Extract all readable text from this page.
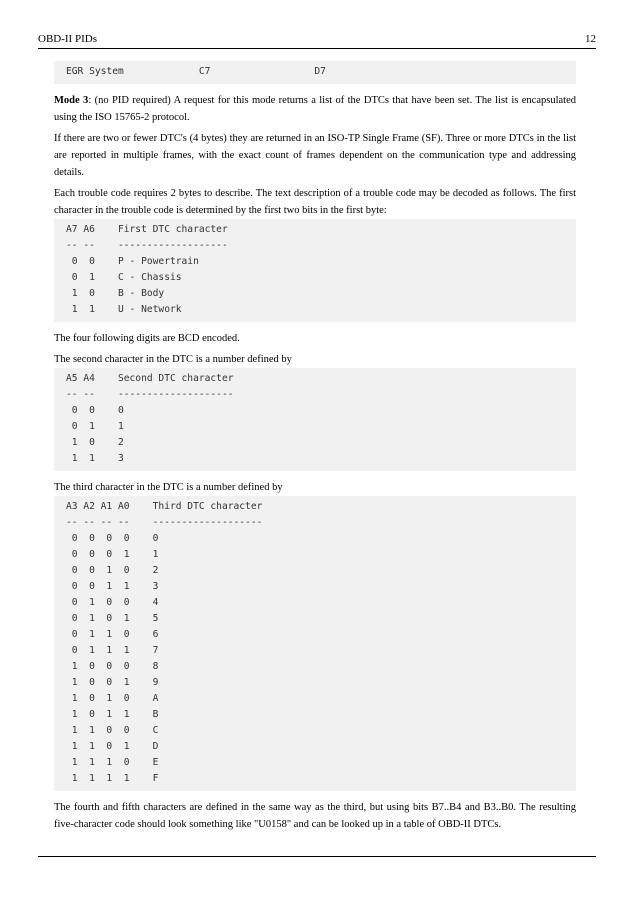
OBD-II PIDs	12
EGR System             C7                  D7

Mode 3: (no PID required) A request for this mode returns a list of the DTCs that have been set. The list is encapsulated using the ISO 15765-2 protocol.

If there are two or fewer DTC's (4 bytes) they are returned in an ISO-TP Single Frame (SF). Three or more DTCs in the list are reported in multiple frames, with the exact count of frames dependent on the communication type and addressing details.

Each trouble code requires 2 bytes to describe. The text description of a trouble code may be decoded as follows. The first character in the trouble code is determined by the first two bits in the first byte:

A7 A6    First DTC character
-- --    -------------------
0  0    P - Powertrain
0  1    C - Chassis
1  0    B - Body
1  1    U - Network

The four following digits are BCD encoded.

The second character in the DTC is a number defined by

A5 A4    Second DTC character
-- --    --------------------
0  0    0
0  1    1
1  0    2
1  1    3

The third character in the DTC is a number defined by

A3 A2 A1 A0    Third DTC character
-- -- -- --    -------------------
0  0  0  0    0
0  0  0  1    1
0  0  1  0    2
0  0  1  1    3
0  1  0  0    4
0  1  0  1    5
0  1  1  0    6
0  1  1  1    7
1  0  0  0    8
1  0  0  1    9
1  0  1  0    A
1  0  1  1    B
1  1  0  0    C
1  1  0  1    D
1  1  1  0    E
1  1  1  1    F

The fourth and fifth characters are defined in the same way as the third, but using bits B7..B4 and B3..B0. The resulting five-character code should look something like "U0158" and can be looked up in a table of OBD-II DTCs.
